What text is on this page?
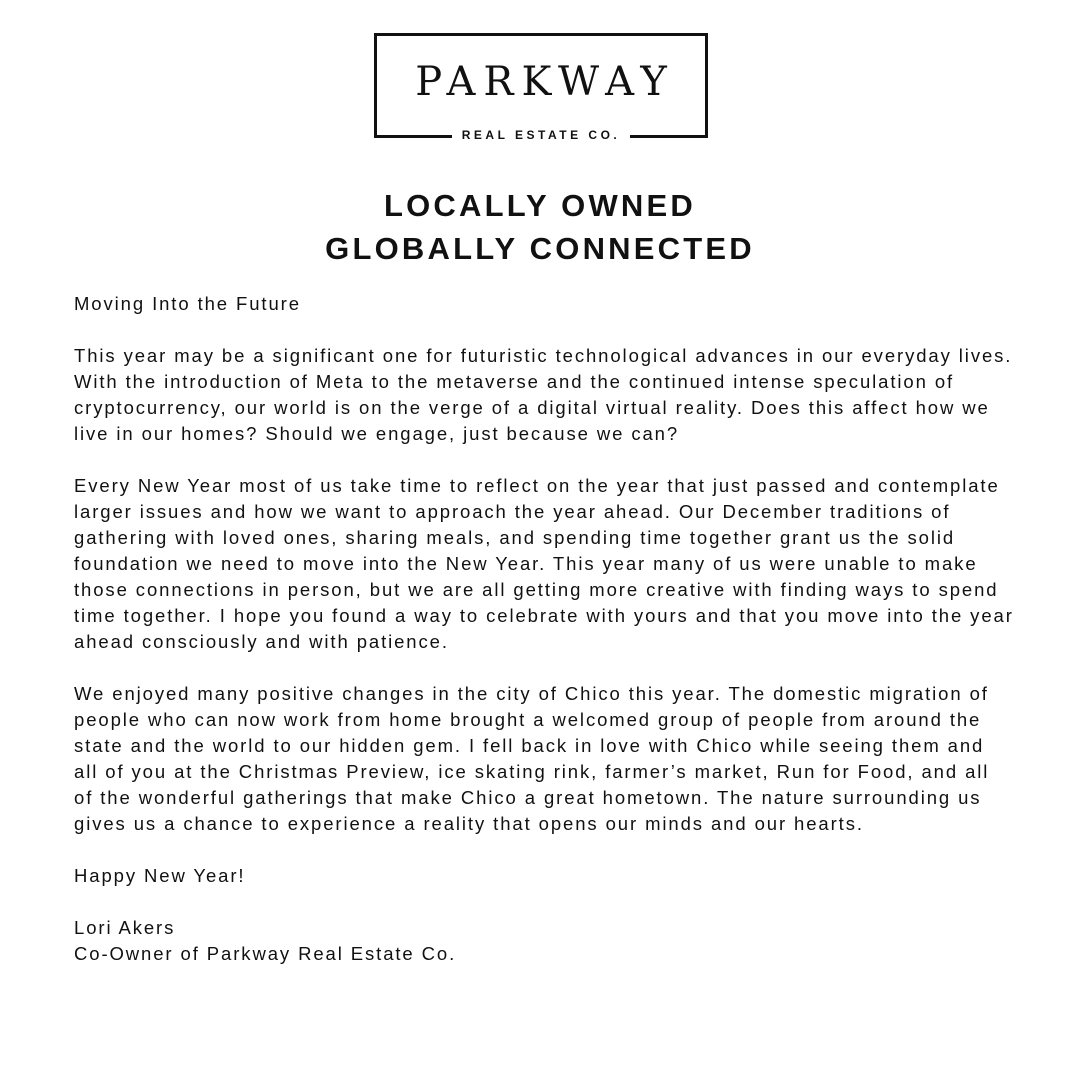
PARKWAY
REAL ESTATE CO.
LOCALLY OWNED
GLOBALLY CONNECTED

Moving Into the Future

This year may be a significant one for futuristic technological advances in our everyday lives. With the introduction of Meta to the metaverse and the continued intense speculation of cryptocurrency, our world is on the verge of a digital virtual reality. Does this affect how we live in our homes? Should we engage, just because we can?

Every New Year most of us take time to reflect on the year that just passed and contemplate larger issues and how we want to approach the year ahead. Our December traditions of gathering with loved ones, sharing meals, and spending time together grant us the solid foundation we need to move into the New Year. This year many of us were unable to make those connections in person, but we are all getting more creative with finding ways to spend time together. I hope you found a way to celebrate with yours and that you move into the year ahead consciously and with patience.

We enjoyed many positive changes in the city of Chico this year. The domestic migration of people who can now work from home brought a welcomed group of people from around the state and the world to our hidden gem. I fell back in love with Chico while seeing them and all of you at the Christmas Preview, ice skating rink, farmer’s market, Run for Food, and all of the wonderful gatherings that make Chico a great hometown. The nature surrounding us gives us a chance to experience a reality that opens our minds and our hearts.

Happy New Year!

Lori Akers
Co-Owner of Parkway Real Estate Co.
